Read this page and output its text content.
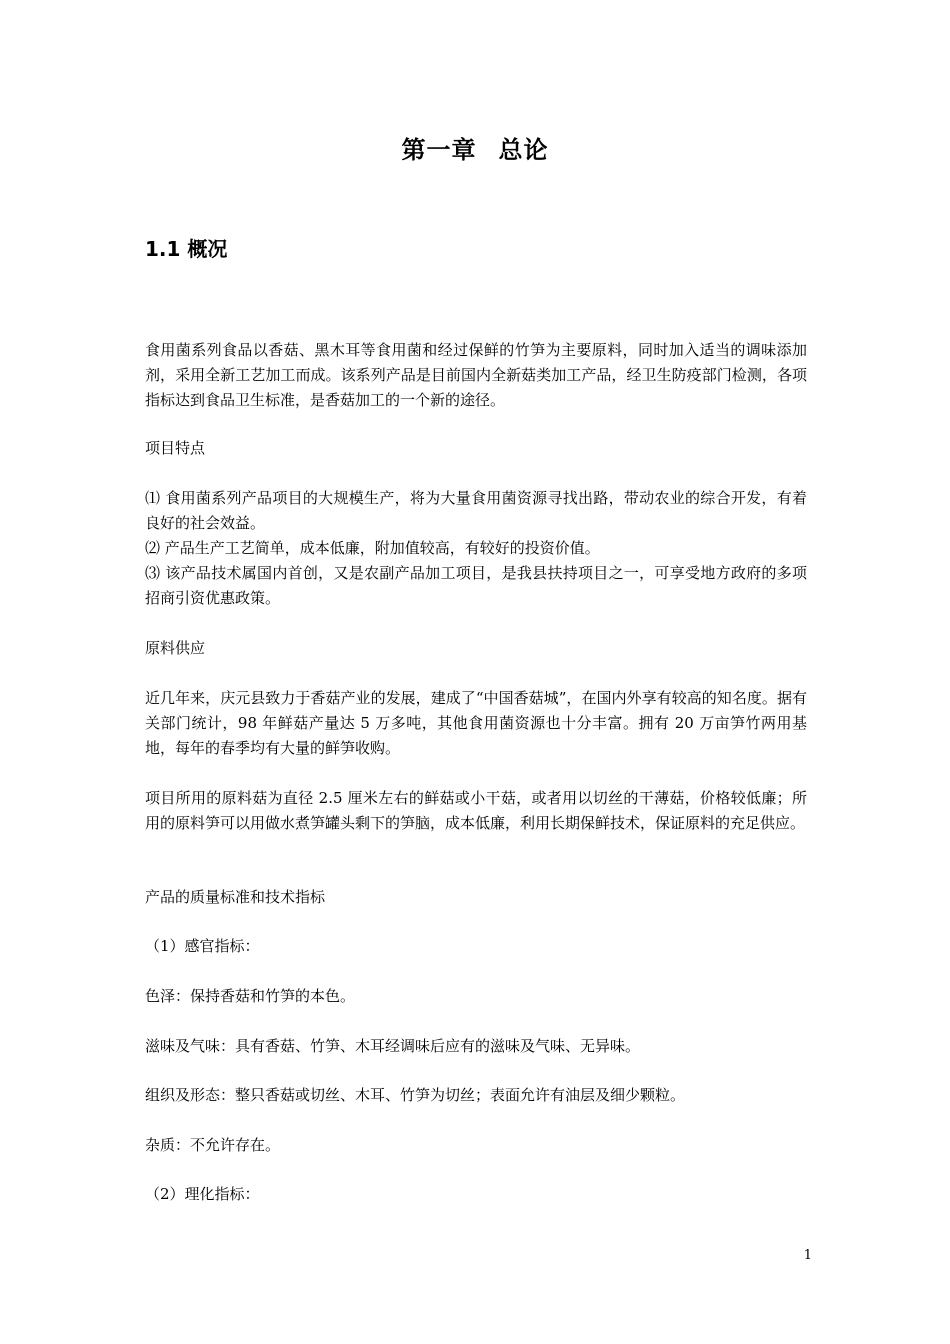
第一章 总论
1.1 概况

食用菌系列食品以香菇、黑木耳等食用菌和经过保鲜的竹笋为主要原料，同时加入适当的调味添加剂，采用全新工艺加工而成。该系列产品是目前国内全新菇类加工产品，经卫生防疫部门检测，各项指标达到食品卫生标准，是香菇加工的一个新的途径。

项目特点

⑴ 食用菌系列产品项目的大规模生产，将为大量食用菌资源寻找出路，带动农业的综合开发，有着良好的社会效益。

⑵ 产品生产工艺简单，成本低廉，附加值较高，有较好的投资价值。

⑶ 该产品技术属国内首创，又是农副产品加工项目，是我县扶持项目之一，可享受地方政府的多项招商引资优惠政策。

原料供应

近几年来，庆元县致力于香菇产业的发展，建成了“中国香菇城”，在国内外享有较高的知名度。据有关部门统计，98 年鲜菇产量达 5 万多吨，其他食用菌资源也十分丰富。拥有 20 万亩笋竹两用基地，每年的春季均有大量的鲜笋收购。

项目所用的原料菇为直径 2.5 厘米左右的鲜菇或小干菇，或者用以切丝的干薄菇，价格较低廉；所用的原料笋可以用做水煮笋罐头剩下的笋脑，成本低廉，利用长期保鲜技术，保证原料的充足供应。

产品的质量标准和技术指标

（1）感官指标：

色泽：保持香菇和竹笋的本色。

滋味及气味：具有香菇、竹笋、木耳经调味后应有的滋味及气味、无异味。

组织及形态：整只香菇或切丝、木耳、竹笋为切丝；表面允许有油层及细少颗粒。

杂质：不允许存在。

（2）理化指标：

1
